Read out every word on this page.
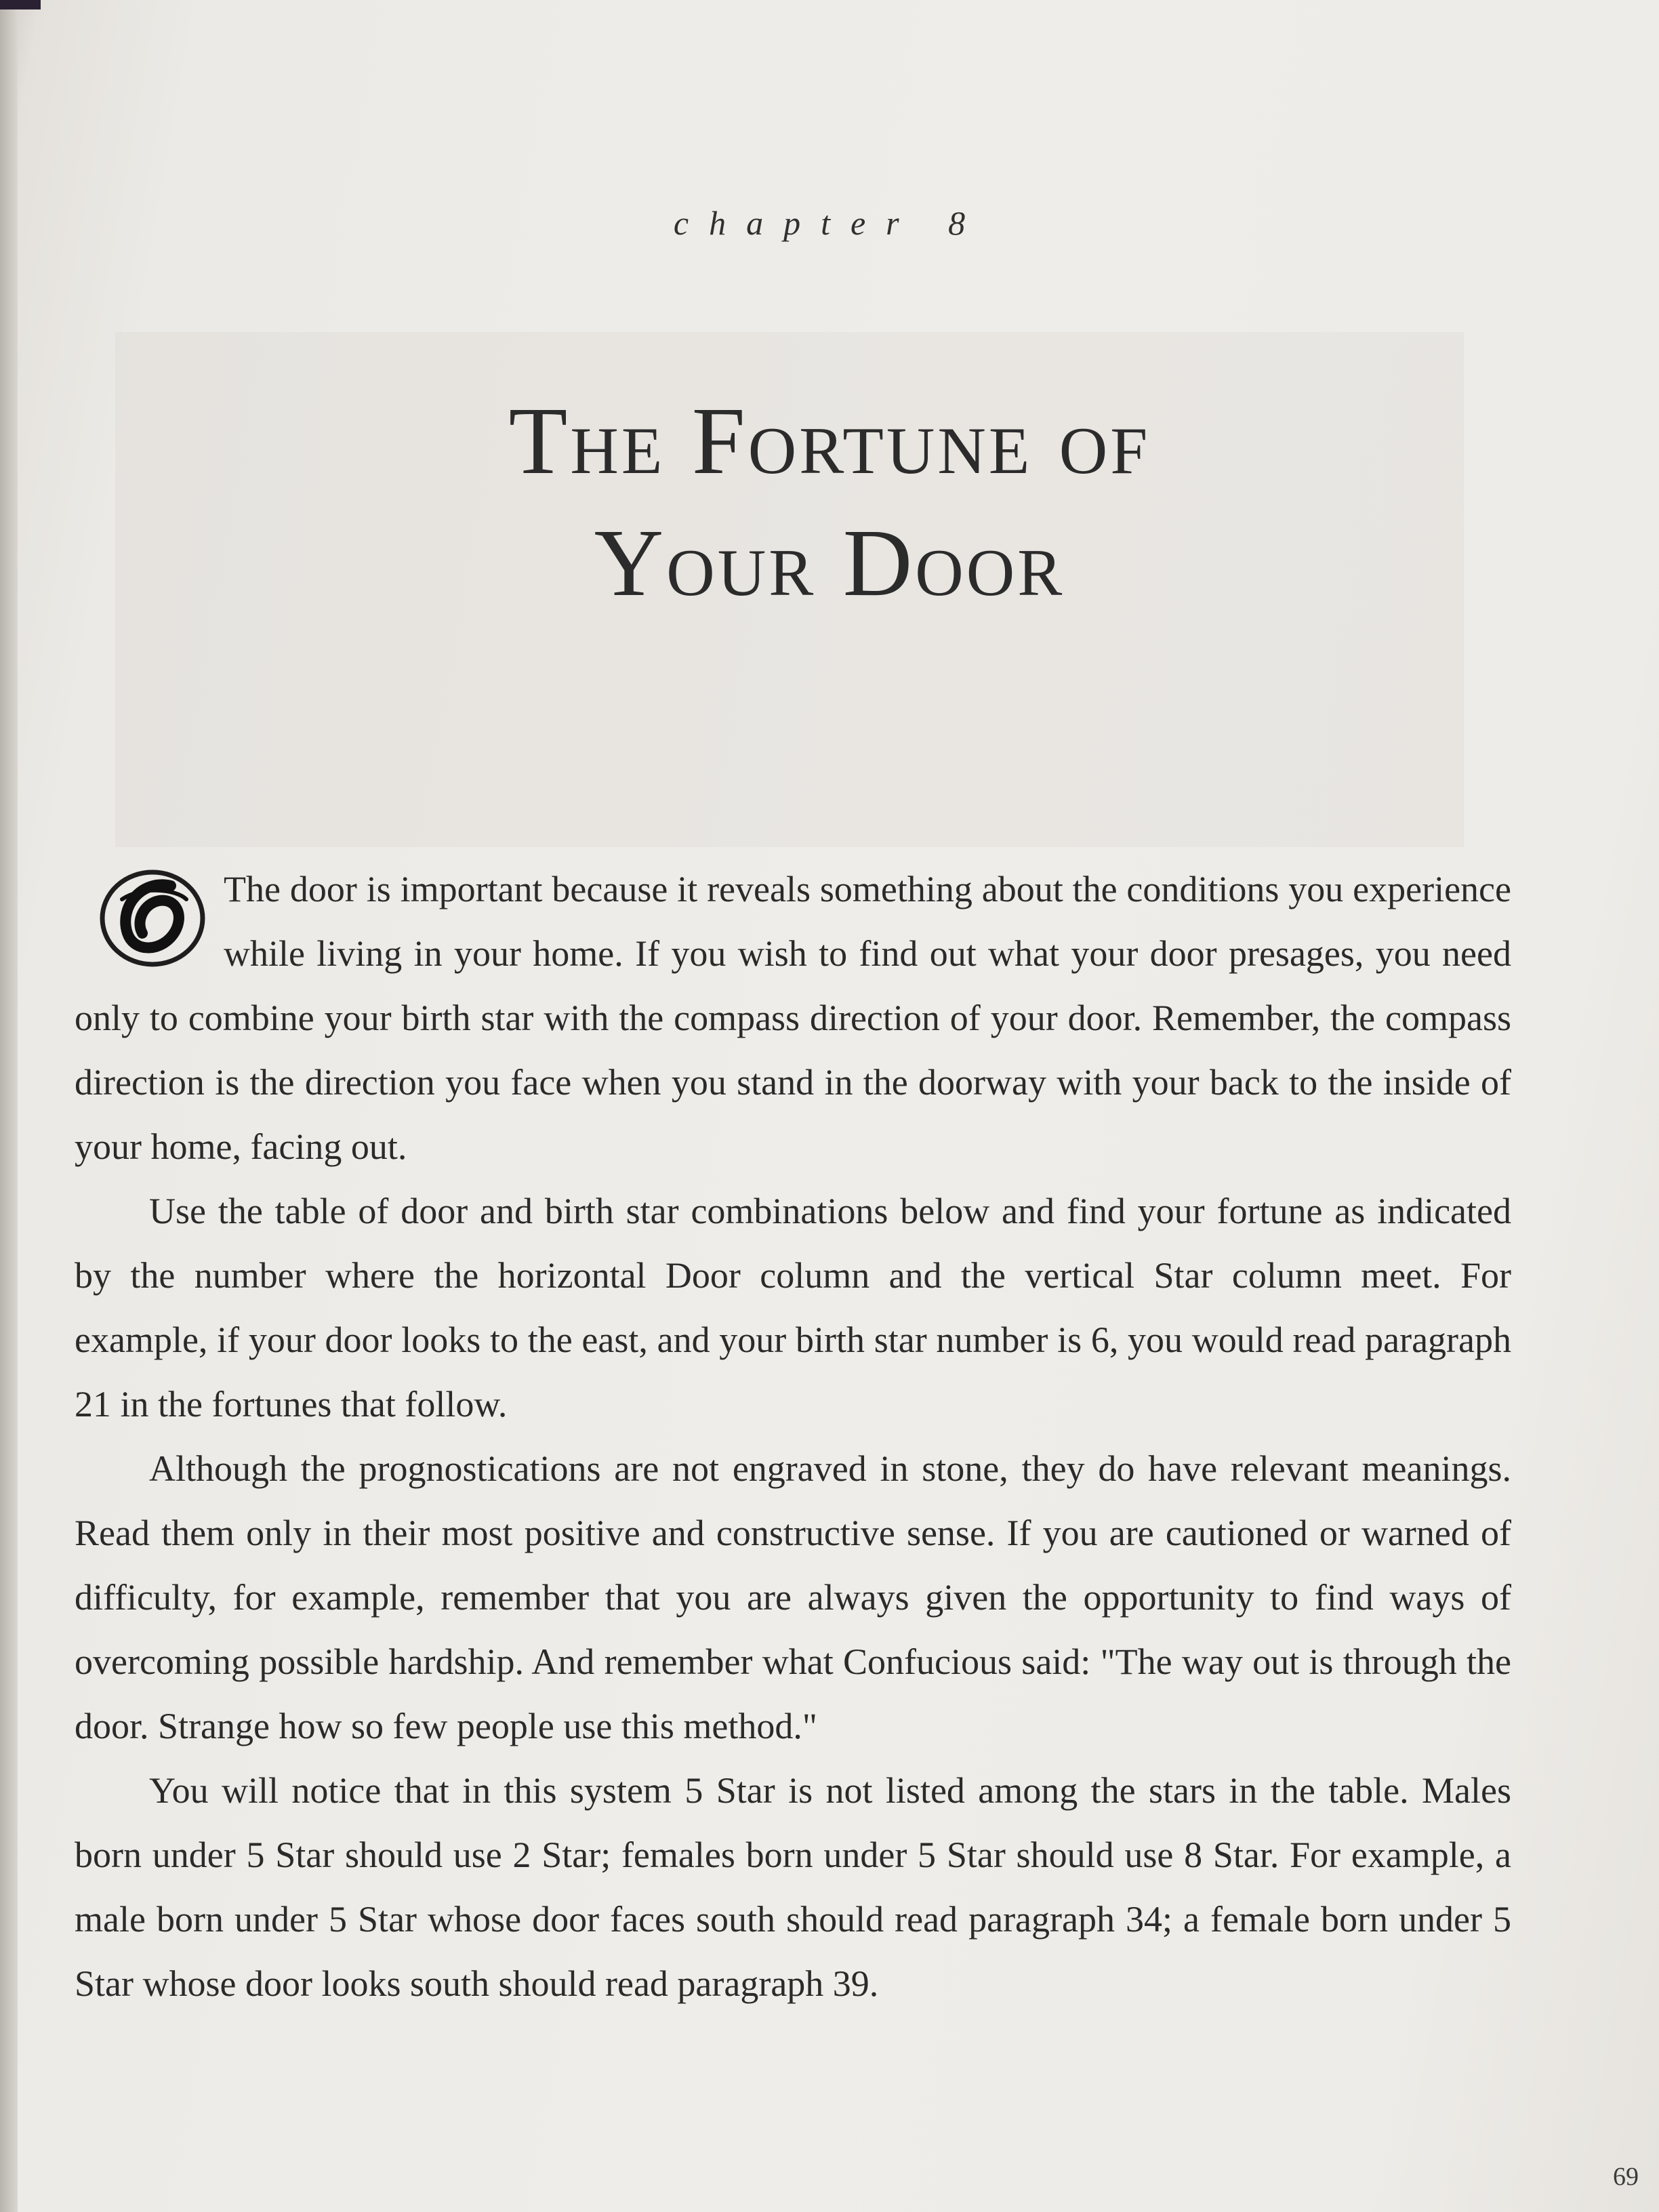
chapter 8
The Fortune of
Your Door

The door is important because it reveals something about the conditions you experience while living in your home. If you wish to find out what your door presages, you need only to combine your birth star with the compass direction of your door. Remember, the compass direction is the direction you face when you stand in the doorway with your back to the inside of your home, facing out.

Use the table of door and birth star combinations below and find your fortune as indicated by the number where the horizontal Door column and the vertical Star column meet. For example, if your door looks to the east, and your birth star number is 6, you would read paragraph 21 in the fortunes that follow.

Although the prognostications are not engraved in stone, they do have relevant meanings. Read them only in their most positive and constructive sense. If you are cautioned or warned of difficulty, for example, remember that you are always given the opportunity to find ways of overcoming possible hardship. And remember what Confucious said: "The way out is through the door. Strange how so few people use this method."

You will notice that in this system 5 Star is not listed among the stars in the table. Males born under 5 Star should use 2 Star; females born under 5 Star should use 8 Star. For example, a male born under 5 Star whose door faces south should read paragraph 34; a female born under 5 Star whose door looks south should read paragraph 39.

69
